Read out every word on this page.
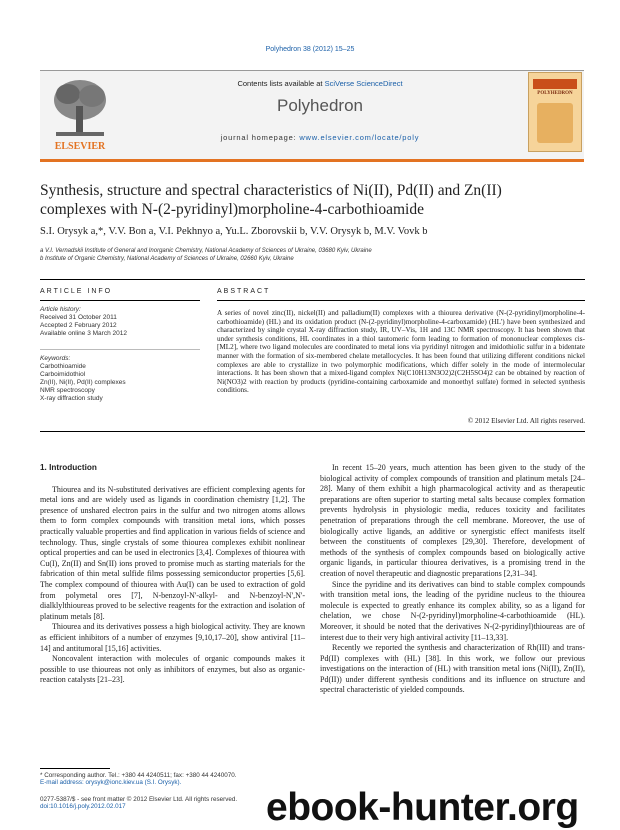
Polyhedron 38 (2012) 15–25
ELSEVIER
Contents lists available at SciVerse ScienceDirect
Polyhedron
journal homepage: www.elsevier.com/locate/poly
POLYHEDRON
Synthesis, structure and spectral characteristics of Ni(II), Pd(II) and Zn(II)
complexes with N-(2-pyridinyl)morpholine-4-carbothioamide
S.I. Orysyk a,*, V.V. Bon a, V.I. Pekhnyo a, Yu.L. Zborovskii b, V.V. Orysyk b, M.V. Vovk b
a V.I. Vernadskii Institute of General and Inorganic Chemistry, National Academy of Sciences of Ukraine, 03680 Kyiv, Ukraine
b Institute of Organic Chemistry, National Academy of Sciences of Ukraine, 02660 Kyiv, Ukraine
ARTICLE INFO	ABSTRACT
Article history:
Received 31 October 2011
Accepted 2 February 2012
Available online 3 March 2012
Keywords:
Carbothioamide
Carboimidothiol
Zn(II), Ni(II), Pd(II) complexes
NMR spectroscopy
X-ray diffraction study
A series of novel zinc(II), nickel(II) and palladium(II) complexes with a thiourea derivative (N-(2-pyridinyl)morpholine-4-carbothioamide) (HL) and its oxidation product (N-(2-pyridinyl)morpholine-4-carboxamide) (HL') have been synthesized and characterized by single crystal X-ray diffraction study, IR, UV–Vis, 1H and 13C NMR spectroscopy. It has been shown that under synthesis conditions, HL coordinates in a thiol tautomeric form leading to formation of mononuclear complexes cis-[ML2], where two ligand molecules are coordinated to metal ions via pyridinyl nitrogen and imidothiolic sulfur in a bidentate manner with the formation of six-membered chelate metallocycles. It has been found that utilizing different conditions nickel complexes are able to crystallize in two polymorphic modifications, which differ solely in the mode of intermolecular interactions. It has been shown that a mixed-ligand complex Ni(C10H13N3O2)2(C2H5SO4)2 can be obtained by reaction of Ni(NO3)2 with reaction by products (pyridine-containing carboxamide and monoethyl sulfate) formed in selected synthesis conditions.
© 2012 Elsevier Ltd. All rights reserved.
1. Introduction

Thiourea and its N-substituted derivatives are efficient complexing agents for metal ions and are widely used as ligands in coordination chemistry [1,2]. The presence of unshared electron pairs in the sulfur and two nitrogen atoms allows them to form complex compounds with transition metal ions, which posses practically valuable properties and find application in various fields of science and technology. Thus, single crystals of some thiourea complexes exhibit nonlinear optical properties and can be used in electronics [3,4]. Complexes of thiourea with Cu(I), Zn(II) and Sn(II) ions proved to promise much as starting materials for the fabrication of thin metal sulfide films possessing semiconductor properties [5,6]. The complex compound of thiourea with Au(I) can be used to extraction of gold from polymetal ores [7], N-benzoyl-N'-alkyl- and N-benzoyl-N',N'-dialklylthioureas proved to be selective reagents for the extraction and isolation of platinum metals [8].

Thiourea and its derivatives possess a high biological activity. They are known as efficient inhibitors of a number of enzymes [9,10,17–20], show antiviral [11–14] and antitumoral [15,16] activities.

Noncovalent interaction with molecules of organic compounds makes it possible to use thioureas not only as inhibitors of enzymes, but also as organic-reaction catalysts [21–23].

In recent 15–20 years, much attention has been given to the study of the biological activity of complex compounds of transition and platinum metals [24–28]. Many of them exhibit a high pharmacological activity and as therapeutic preparations are often superior to starting metal salts because complex formation prevents hydrolysis in physiologic media, reduces toxicity and facilitates penetration of preparations through the cell membrane. Moreover, the use of biologically active ligands, an additive or synergistic effect manifests itself between the constituents of complexes [29,30]. Therefore, development of methods of the synthesis of complex compounds based on biologically active organic ligands, in particular thiourea derivatives, is a promising trend in the creation of novel therapeutic and diagnostic preparations [2,31–34].

Since the pyridine and its derivatives can bind to stable complex compounds with transition metal ions, the leading of the pyridine nucleus to the thiourea molecule is expected to greatly enhance its complex ability, so as a ligand for chelation, we chose N-(2-pyridinyl)morpholine-4-carbothioamide (HL). Moreover, it should be noted that the derivatives N-(2-pyridinyl)thioureas are of interest due to their very high antiviral activity [11–13,33].

Recently we reported the synthesis and characterization of Rh(III) and trans-Pd(II) complexes with (HL) [38]. In this work, we follow our previous investigations on the interaction of (HL) with transition metal ions (Ni(II), Zn(II), Pd(II)) under different synthesis conditions and its influence on structure and spectral characteristic of yielded compounds.

* Corresponding author. Tel.: +380 44 4240511; fax: +380 44 4240070.
E-mail address: orysyk@ionc.kiev.ua (S.I. Orysyk).
0277-5387/$ - see front matter © 2012 Elsevier Ltd. All rights reserved.
doi:10.1016/j.poly.2012.02.017	ebook-hunter.org
